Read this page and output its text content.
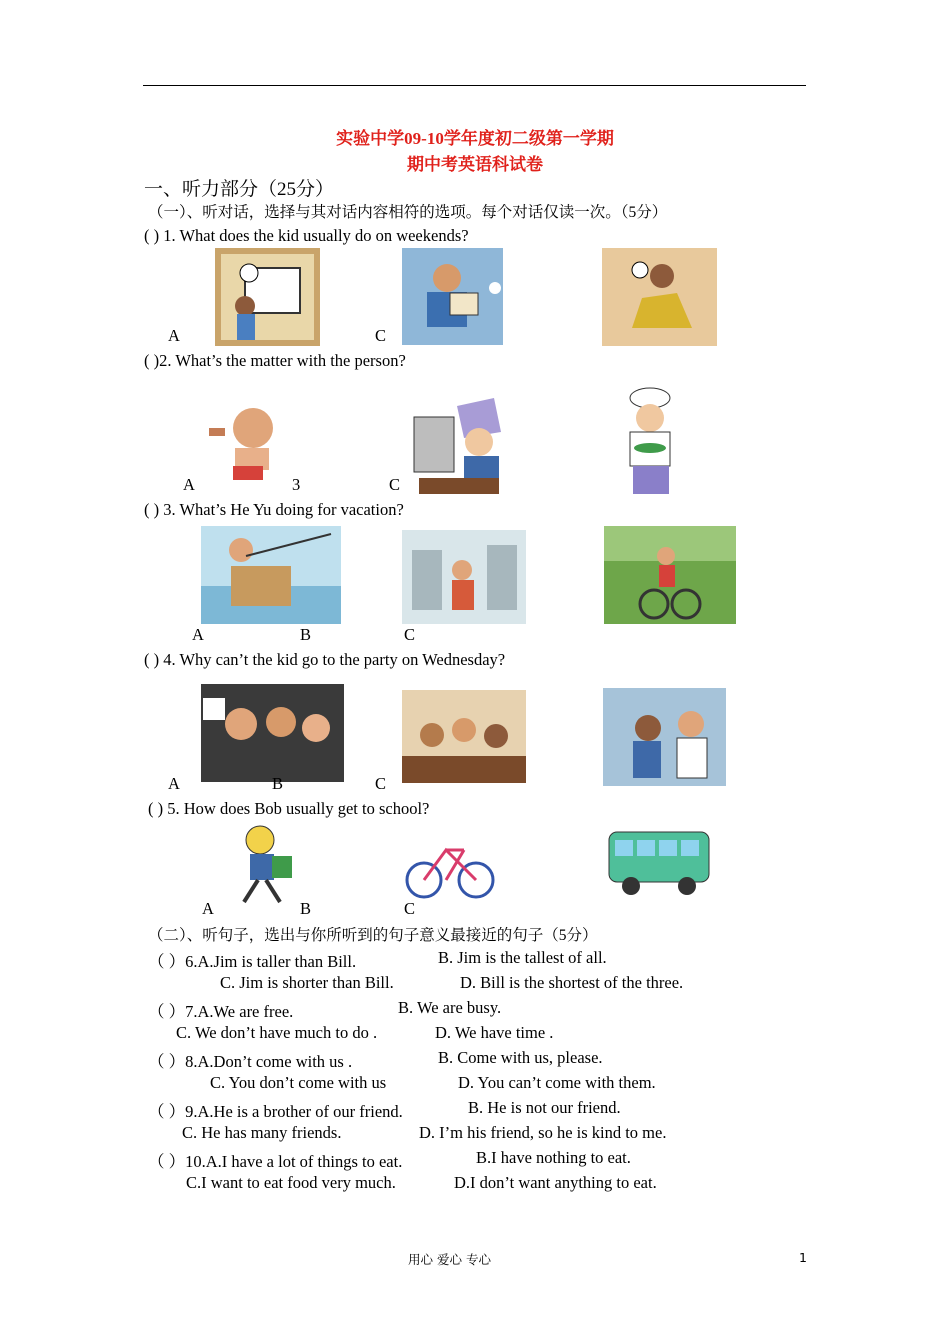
实验中学09-10学年度初二级第一学期
期中考英语科试卷
一、听力部分（25分）
（一）、听对话，选择与其对话内容相符的选项。每个对话仅读一次。（5分）
( ) 1. What does the kid usually do on weekends?
A	C
( )2. What’s the matter with the person?
A	3	C
( ) 3. What’s He Yu doing for vacation?
A	B	C
( ) 4. Why can’t the kid go to the party on Wednesday?
A	B	C
( ) 5. How does Bob usually get to school?
A	B	C
（二）、听句子，选出与你所听到的句子意义最接近的句子（5分）
（ ）6.A.Jim is taller than Bill.	B. Jim is the tallest of all.
C. Jim is shorter than Bill.	D. Bill is the shortest of the three.
（ ）7.A.We are free.	B. We are busy.
C. We don’t have much to do .	D. We have time .
（ ）8.A.Don’t come with us .	B. Come with us, please.
C. You don’t come with us	D. You can’t come with them.
（ ）9.A.He is a brother of our friend.	B. He is not our friend.
C. He has many friends.	D. I’m his friend, so he is kind to me.
（ ）10.A.I have a lot of things to eat.	B.I have nothing to eat.
C.I want to eat food very much.	D.I don’t want anything to eat.
用心 爱心 专心	1
